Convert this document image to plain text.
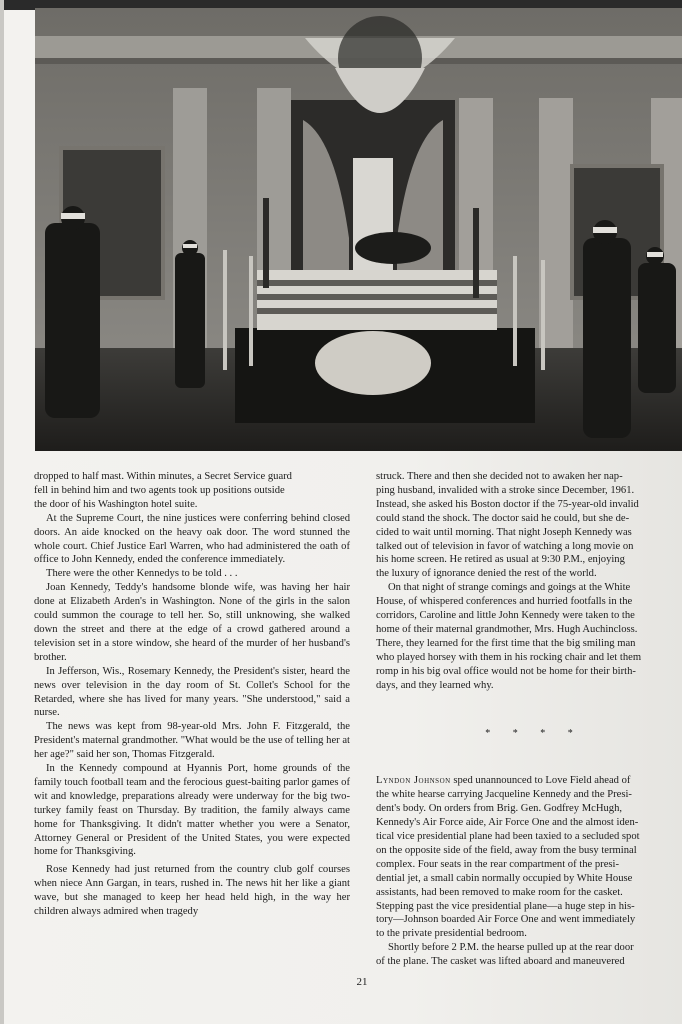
dropped to half mast. Within minutes, a Secret Service guard

fell in behind him and two agents took up positions outside

the door of his Washington hotel suite.

At the Supreme Court, the nine justices were conferring behind closed doors. An aide knocked on the heavy oak door. The word stunned the whole court. Chief Justice Earl Warren, who had administered the oath of office to John Kennedy, ended the conference immediately.

There were the other Kennedys to be told . . .

Joan Kennedy, Teddy's handsome blonde wife, was having her hair done at Elizabeth Arden's in Washington. None of the girls in the salon could summon the courage to tell her. So, still unknowing, she walked down the street and there at the edge of a crowd gathered around a television set in a store window, she heard of the murder of her husband's brother.

In Jefferson, Wis., Rosemary Kennedy, the President's sister, heard the news over television in the day room of St. Collet's School for the Retarded, where she has lived for many years. "She understood," said a nurse.

The news was kept from 98-year-old Mrs. John F. Fitzgerald, the President's maternal grandmother. "What would be the use of telling her at her age?" said her son, Thomas Fitzgerald.

In the Kennedy compound at Hyannis Port, home grounds of the family touch football team and the ferocious guest-baiting parlor games of wit and knowledge, preparations already were underway for the big two-turkey family feast on Thursday. By tradition, the family always came home for Thanksgiving. It didn't matter whether you were a Senator, Attorney General or President of the United States, you were expected home for Thanksgiving.

Rose Kennedy had just returned from the country club golf courses when niece Ann Gargan, in tears, rushed in. The news hit her like a giant wave, but she managed to keep her head held high, in the way her children always admired when tragedy

struck. There and then she decided not to awaken her nap-

ping husband, invalided with a stroke since December, 1961.

Instead, she asked his Boston doctor if the 75-year-old invalid

could stand the shock. The doctor said he could, but she de-

cided to wait until morning. That night Joseph Kennedy was

talked out of television in favor of watching a long movie on

his home screen. He retired as usual at 9:30 P.M., enjoying

the luxury of ignorance denied the rest of the world.

On that night of strange comings and goings at the White

House, of whispered conferences and hurried footfalls in the

corridors, Caroline and little John Kennedy were taken to the

home of their maternal grandmother, Mrs. Hugh Auchincloss.

There, they learned for the first time that the big smiling man

who played horsey with them in his rocking chair and let them

romp in his big oval office would not be home for their birth-

days, and they learned why.

* * * *

Lyndon Johnson sped unannounced to Love Field ahead of

the white hearse carrying Jacqueline Kennedy and the Presi-

dent's body. On orders from Brig. Gen. Godfrey McHugh,

Kennedy's Air Force aide, Air Force One and the almost iden-

tical vice presidential plane had been taxied to a secluded spot

on the opposite side of the field, away from the busy terminal

complex. Four seats in the rear compartment of the presi-

dential jet, a small cabin normally occupied by White House

assistants, had been removed to make room for the casket.

Stepping past the vice presidential plane—a huge step in his-

tory—Johnson boarded Air Force One and went immediately

to the private presidential bedroom.

Shortly before 2 P.M. the hearse pulled up at the rear door

of the plane. The casket was lifted aboard and maneuvered

21
